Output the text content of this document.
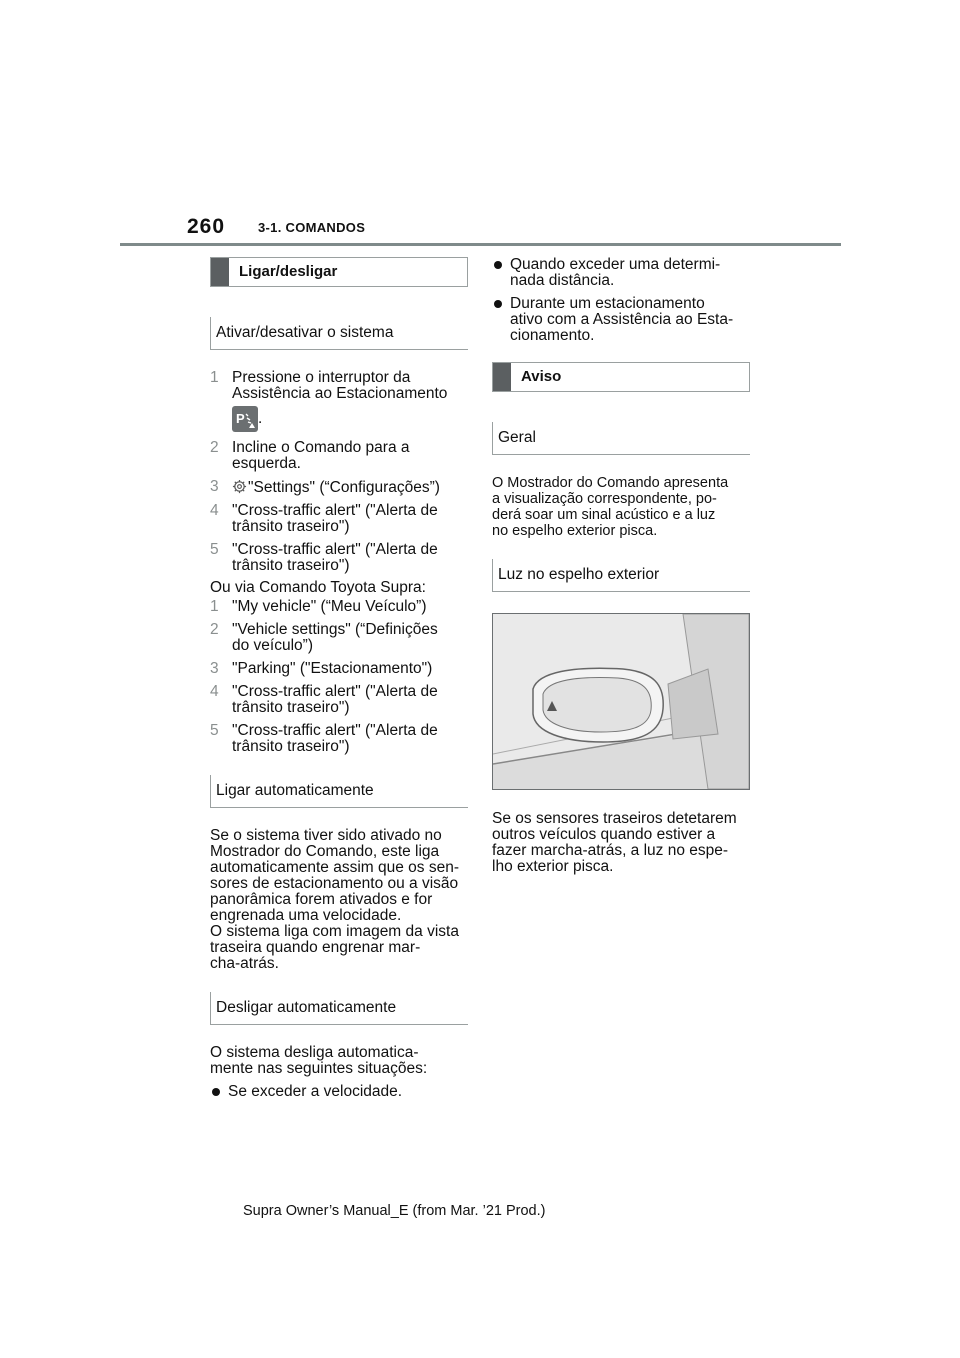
260	3-1. COMANDOS
Ligar/desligar
Ativar/desativar o sistema
1 Pressione o interruptor da
Assistência ao Estacionamento
P .
2 Incline o Comando para a
esquerda.
3	"Settings" (“Configurações”)
4 "Cross-traffic alert" ("Alerta de
trânsito traseiro")
5 "Cross-traffic alert" ("Alerta de
trânsito traseiro")
Ou via Comando Toyota Supra:
1 "My vehicle" (“Meu Veículo”)
2 "Vehicle settings" (“Definições
do veículo”)
3 "Parking" ("Estacionamento")
4 "Cross-traffic alert" ("Alerta de
trânsito traseiro")
5 "Cross-traffic alert" ("Alerta de
trânsito traseiro")
Ligar automaticamente
Se o sistema tiver sido ativado no
Mostrador do Comando, este liga
automaticamente assim que os sen-
sores de estacionamento ou a visão
panorâmica forem ativados e for
engrenada uma velocidade.
O sistema liga com imagem da vista
traseira quando engrenar mar-
cha-atrás.
Desligar automaticamente
O sistema desliga automatica-
mente nas seguintes situações:
Se exceder a velocidade.
Quando exceder uma determi-
nada distância.
Durante um estacionamento
ativo com a Assistência ao Esta-
cionamento.
Aviso
Geral
O Mostrador do Comando apresenta
a visualização correspondente, po-
derá soar um sinal acústico e a luz
no espelho exterior pisca.
Luz no espelho exterior
Se os sensores traseiros detetarem
outros veículos quando estiver a
fazer marcha-atrás, a luz no espe-
lho exterior pisca.
Supra Owner’s Manual_E (from Mar. ’21 Prod.)
